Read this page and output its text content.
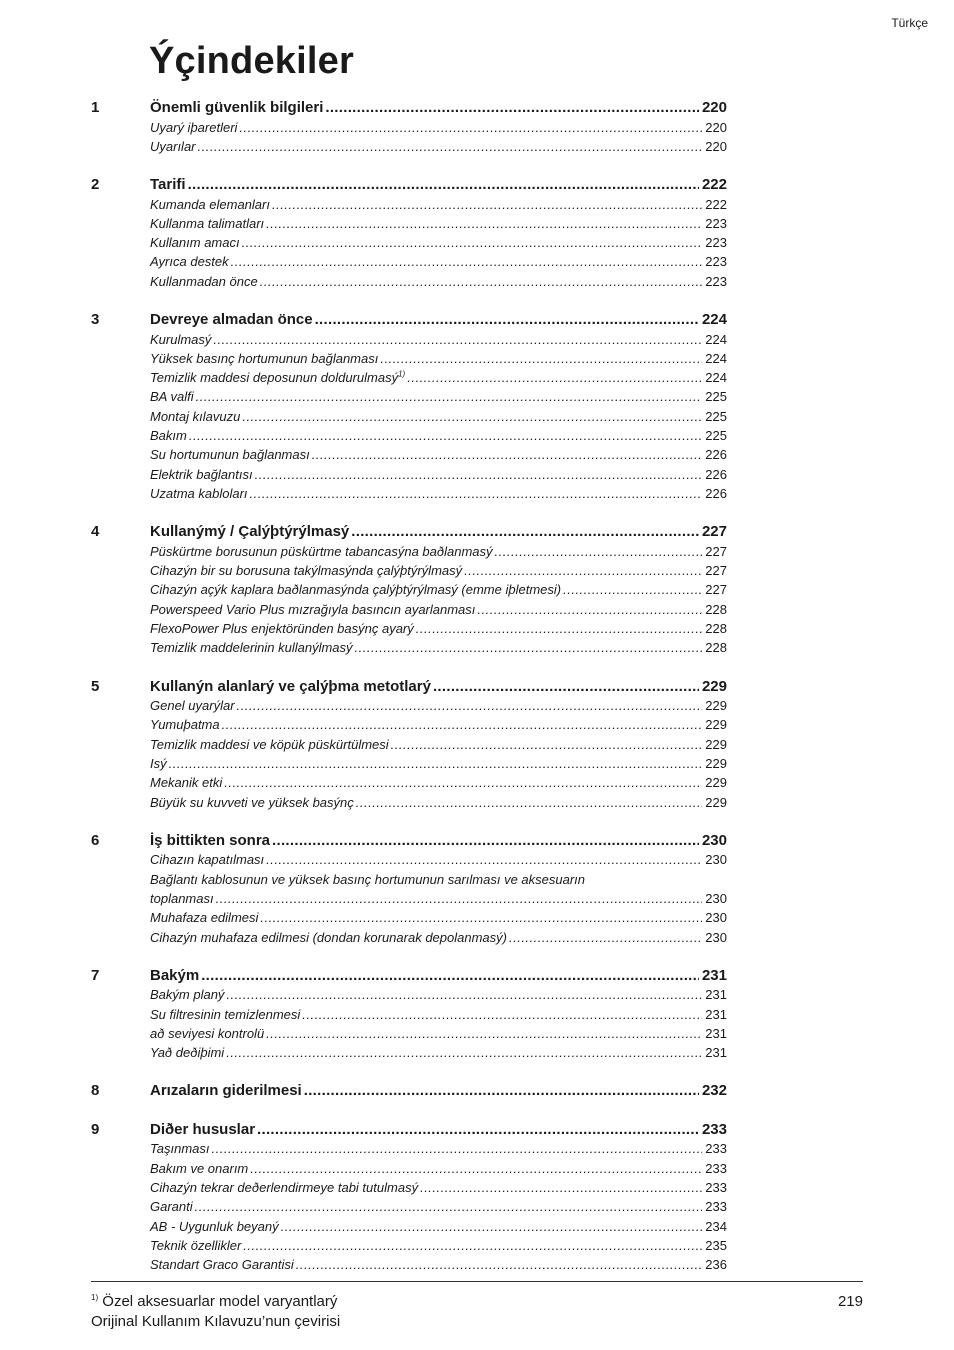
Türkçe
Ýçindekiler
1	Önemli güvenlik bilgileri .....	220
Uyarý iþaretleri .....	220
Uyarılar .....	220
2	Tarifi .....	222
Kumanda elemanları .....	222
Kullanma talimatları .....	223
Kullanım amacı .....	223
Ayrıca destek .....	223
Kullanmadan önce .....	223
3	Devreye almadan önce .....	224
Kurulmasý .....	224
Yüksek basınç hortumunun bağlanması .....	224
Temizlik maddesi deposunun doldurulmasý$^{1)}$ .....	224
BA valfi .....	225
Montaj kılavuzu .....	225
Bakım .....	225
Su hortumunun bağlanması .....	226
Elektrik bağlantısı .....	226
Uzatma kabloları .....	226
4	Kullanýmý / Çalýþtýrýlmasý .....	227
Püskürtme borusunun püskürtme tabancasýna baðlanmasý .....	227
Cihazýn bir su borusuna takýlmasýnda çalýþtýrýlmasý .....	227
Cihazýn açýk kaplara baðlanmasýnda çalýþtýrýlmasý (emme iþletmesi) .....	227
Powerspeed Vario Plus mızrağıyla basıncın ayarlanması .....	228
FlexoPower Plus enjektöründen basýnç ayarý .....	228
Temizlik maddelerinin kullanýlmasý .....	228
5	Kullanýn alanlarý ve çalýþma metotlarý .....	229
Genel uyarýlar .....	229
Yumuþatma .....	229
Temizlik maddesi ve köpük püskürtülmesi .....	229
Isý .....	229
Mekanik etki .....	229
Büyük su kuvveti ve yüksek basýnç .....	229
6	İş bittikten sonra .....	230
Cihazın kapatılması .....	230
Bağlantı kablosunun ve yüksek basınç hortumunun sarılması ve aksesuarın
toplanması .....	230
Muhafaza edilmesi .....	230
Cihazýn muhafaza edilmesi (dondan korunarak depolanmasý) .....	230
7	Bakým .....	231
Bakým planý .....	231
Su filtresinin temizlenmesi .....	231
að seviyesi kontrolü .....	231
Yað deðiþimi .....	231
8	Arızaların giderilmesi .....	232
9	Diðer hususlar .....	233
Taşınması .....	233
Bakım ve onarım .....	233
Cihazýn tekrar deðerlendirmeye tabi tutulmasý .....	233
Garanti .....	233
AB - Uygunluk beyaný .....	234
Teknik özellikler .....	235
Standart Graco Garantisi .....	236
$^{1)}$ Özel aksesuarlar model varyantlarý
Orijinal Kullanım Kılavuzu’nun çevirisi
219
